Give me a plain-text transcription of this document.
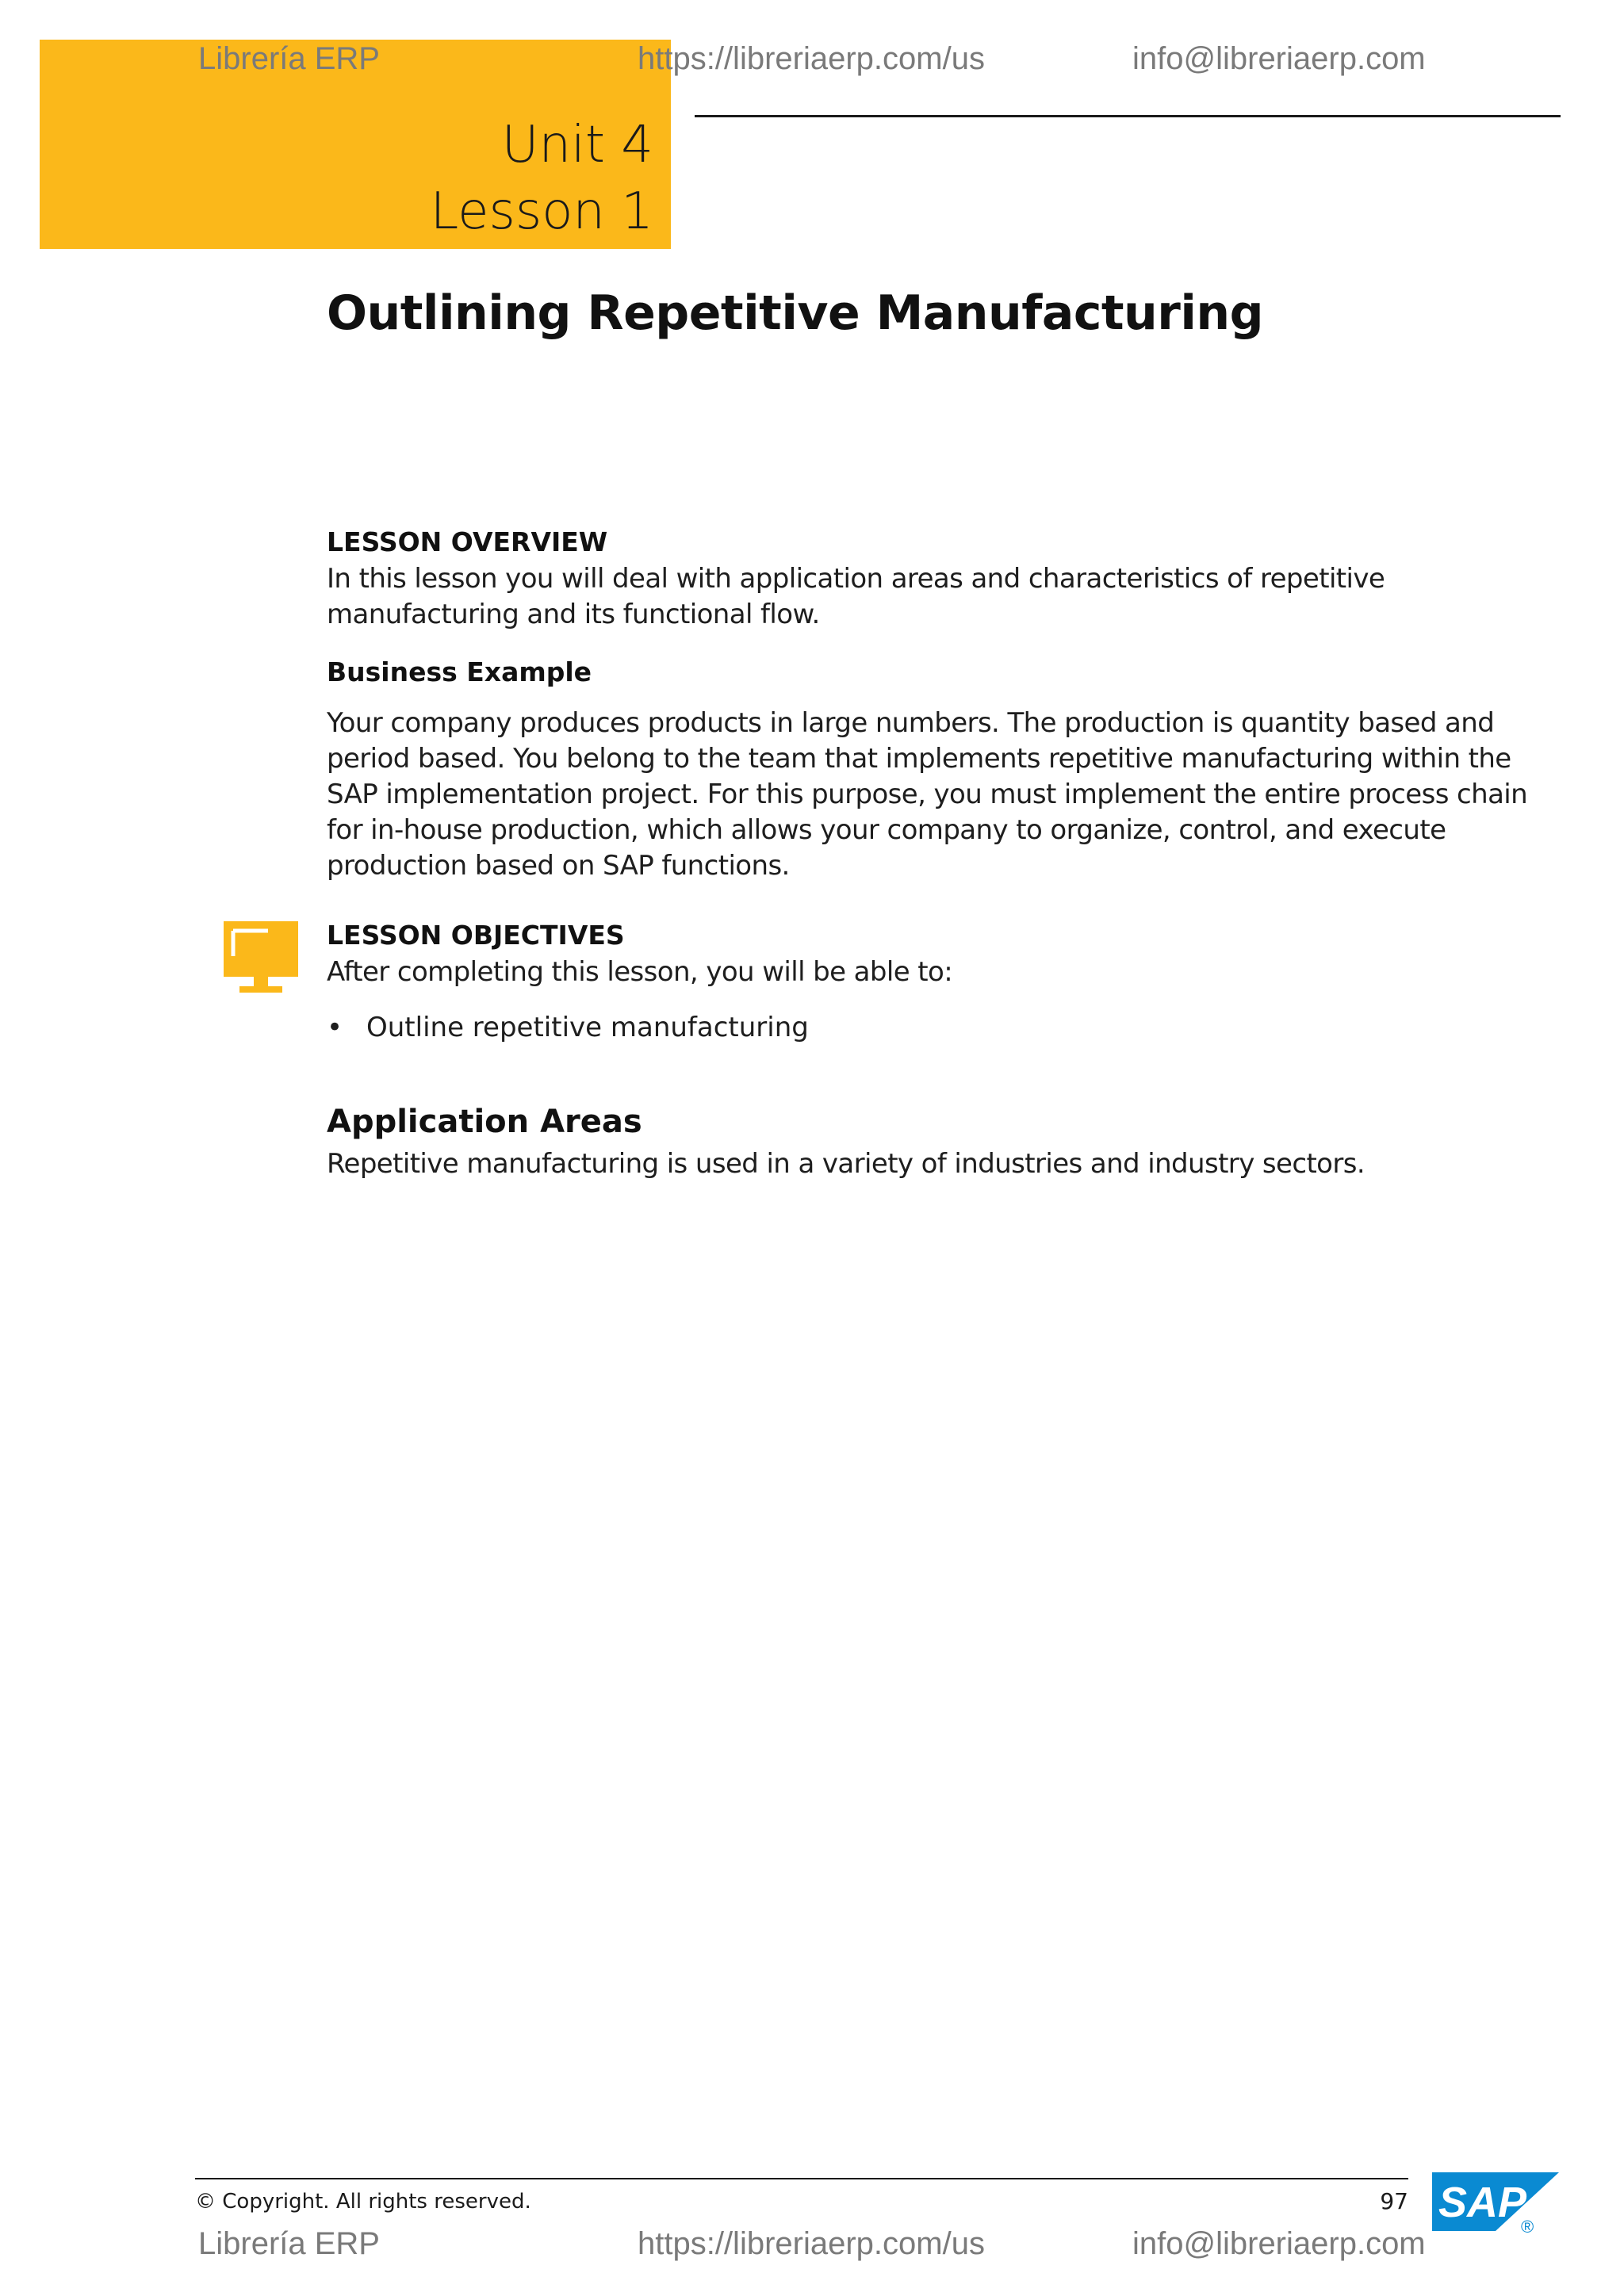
Librería ERP	https://libreriaerp.com/us	info@libreriaerp.com
Unit 4
Lesson 1
Outlining Repetitive Manufacturing
LESSON OVERVIEW
In this lesson you will deal with application areas and characteristics of repetitive
manufacturing and its functional flow.
Business Example
Your company produces products in large numbers. The production is quantity based and
period based. You belong to the team that implements repetitive manufacturing within the
SAP implementation project. For this purpose, you must implement the entire process chain
for in-house production, which allows your company to organize, control, and execute
production based on SAP functions.
LESSON OBJECTIVES
After completing this lesson, you will be able to:
• Outline repetitive manufacturing
Application Areas
Repetitive manufacturing is used in a variety of industries and industry sectors.
© Copyright. All rights reserved.	97 SAP
®
Librería ERP	https://libreriaerp.com/us	info@libreriaerp.com
